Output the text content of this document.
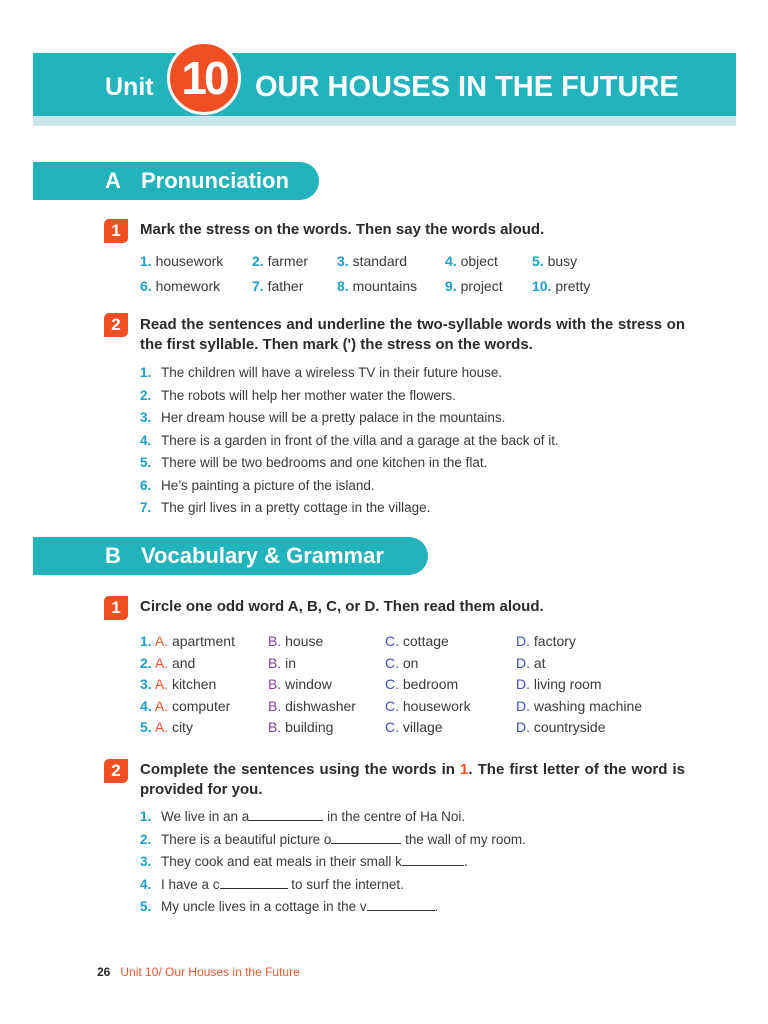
Unit 10 OUR HOUSES IN THE FUTURE
A Pronunciation
1	Mark the stress on the words. Then say the words aloud.
1. housework 2. farmer 3. standard	4. object 5. busy
6. homework 7. father 8. mountains 9. project 10. pretty
2	Read the sentences and underline the two-syllable words with the stress on the first syllable. Then mark (') the stress on the words.
1. The children will have a wireless TV in their future house.
2. The robots will help her mother water the flowers.
3. Her dream house will be a pretty palace in the mountains.
4. There is a garden in front of the villa and a garage at the back of it.
5. There will be two bedrooms and one kitchen in the flat.
6. He’s painting a picture of the island.
7. The girl lives in a pretty cottage in the village.
B Vocabulary & Grammar
1	Circle one odd word A, B, C, or D. Then read them aloud.
1. A. apartment B. house	C. cottage	D. factory
2. A. and	B. in	C. on	D. at
3. A. kitchen	B. window	C. bedroom	D. living room
4. A. computer	B. dishwasher C. housework	D. washing machine
5. A. city	B. building	C. village	D. countryside
2	Complete the sentences using the words in 1. The first letter of the word is provided for you.
1. We live in an a	in the centre of Ha Noi.
2. There is a beautiful picture o	the wall of my room.
3. They cook and eat meals in their small k	.
4. I have a c	to surf the internet.
5. My uncle lives in a cottage in the v	.
26 Unit 10/ Our Houses in the Future
